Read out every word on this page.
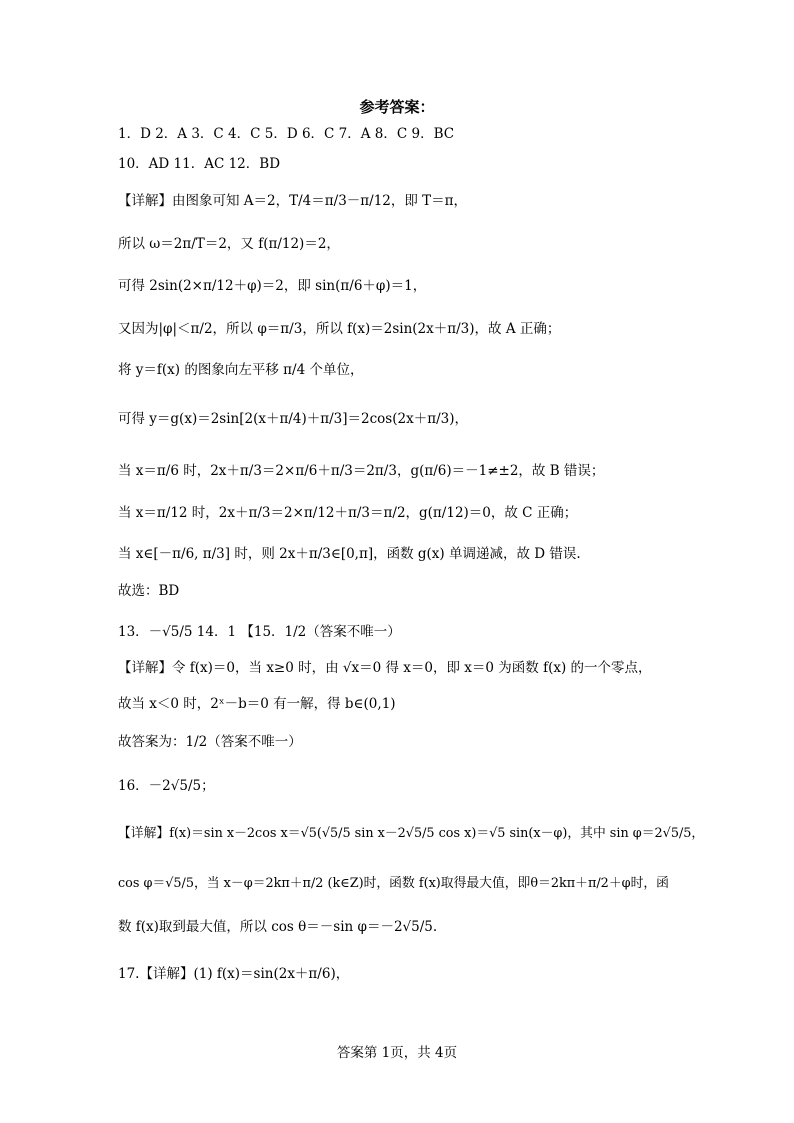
参考答案：
1．D 2．A 3．C 4．C 5．D 6．C 7．A 8．C 9．BC
10．AD 11．AC 12．BD
【详解】由图象可知 A＝2，T/4＝π/3－π/12，即 T＝π，
所以 ω＝2π/T＝2，又 f(π/12)＝2，
可得 2sin(2×π/12＋φ)＝2，即 sin(π/6＋φ)＝1，
又因为|φ|＜π/2，所以 φ＝π/3，所以 f(x)＝2sin(2x＋π/3)，故 A 正确；
将 y＝f(x) 的图象向左平移 π/4 个单位，
可得 y＝g(x)＝2sin[2(x＋π/4)＋π/3]＝2cos(2x＋π/3)，
当 x＝π/6 时，2x＋π/3＝2×π/6＋π/3＝2π/3，g(π/6)＝－1≠±2，故 B 错误；
当 x＝π/12 时，2x＋π/3＝2×π/12＋π/3＝π/2，g(π/12)＝0，故 C 正确；
当 x∈[－π/6, π/3] 时，则 2x＋π/3∈[0,π]，函数 g(x) 单调递减，故 D 错误.
故选：BD
13．－√5/5 14．1 【15．1/2（答案不唯一）
【详解】令 f(x)＝0，当 x≥0 时，由 √x＝0 得 x＝0，即 x＝0 为函数 f(x) 的一个零点，
故当 x＜0 时，2ˣ－b＝0 有一解，得 b∈(0,1)
故答案为：1/2（答案不唯一）
16．－2√5/5；
【详解】f(x)＝sin x－2cos x＝√5(√5/5 sin x－2√5/5 cos x)＝√5 sin(x－φ)，其中 sin φ＝2√5/5，
cos φ＝√5/5，当 x－φ＝2kπ＋π/2 (k∈Z)时，函数 f(x)取得最大值，即θ＝2kπ＋π/2＋φ时，函
数 f(x)取到最大值，所以 cos θ＝－sin φ＝－2√5/5.
17.【详解】(1) f(x)＝sin(2x＋π/6)，
答案第 1页，共 4页
